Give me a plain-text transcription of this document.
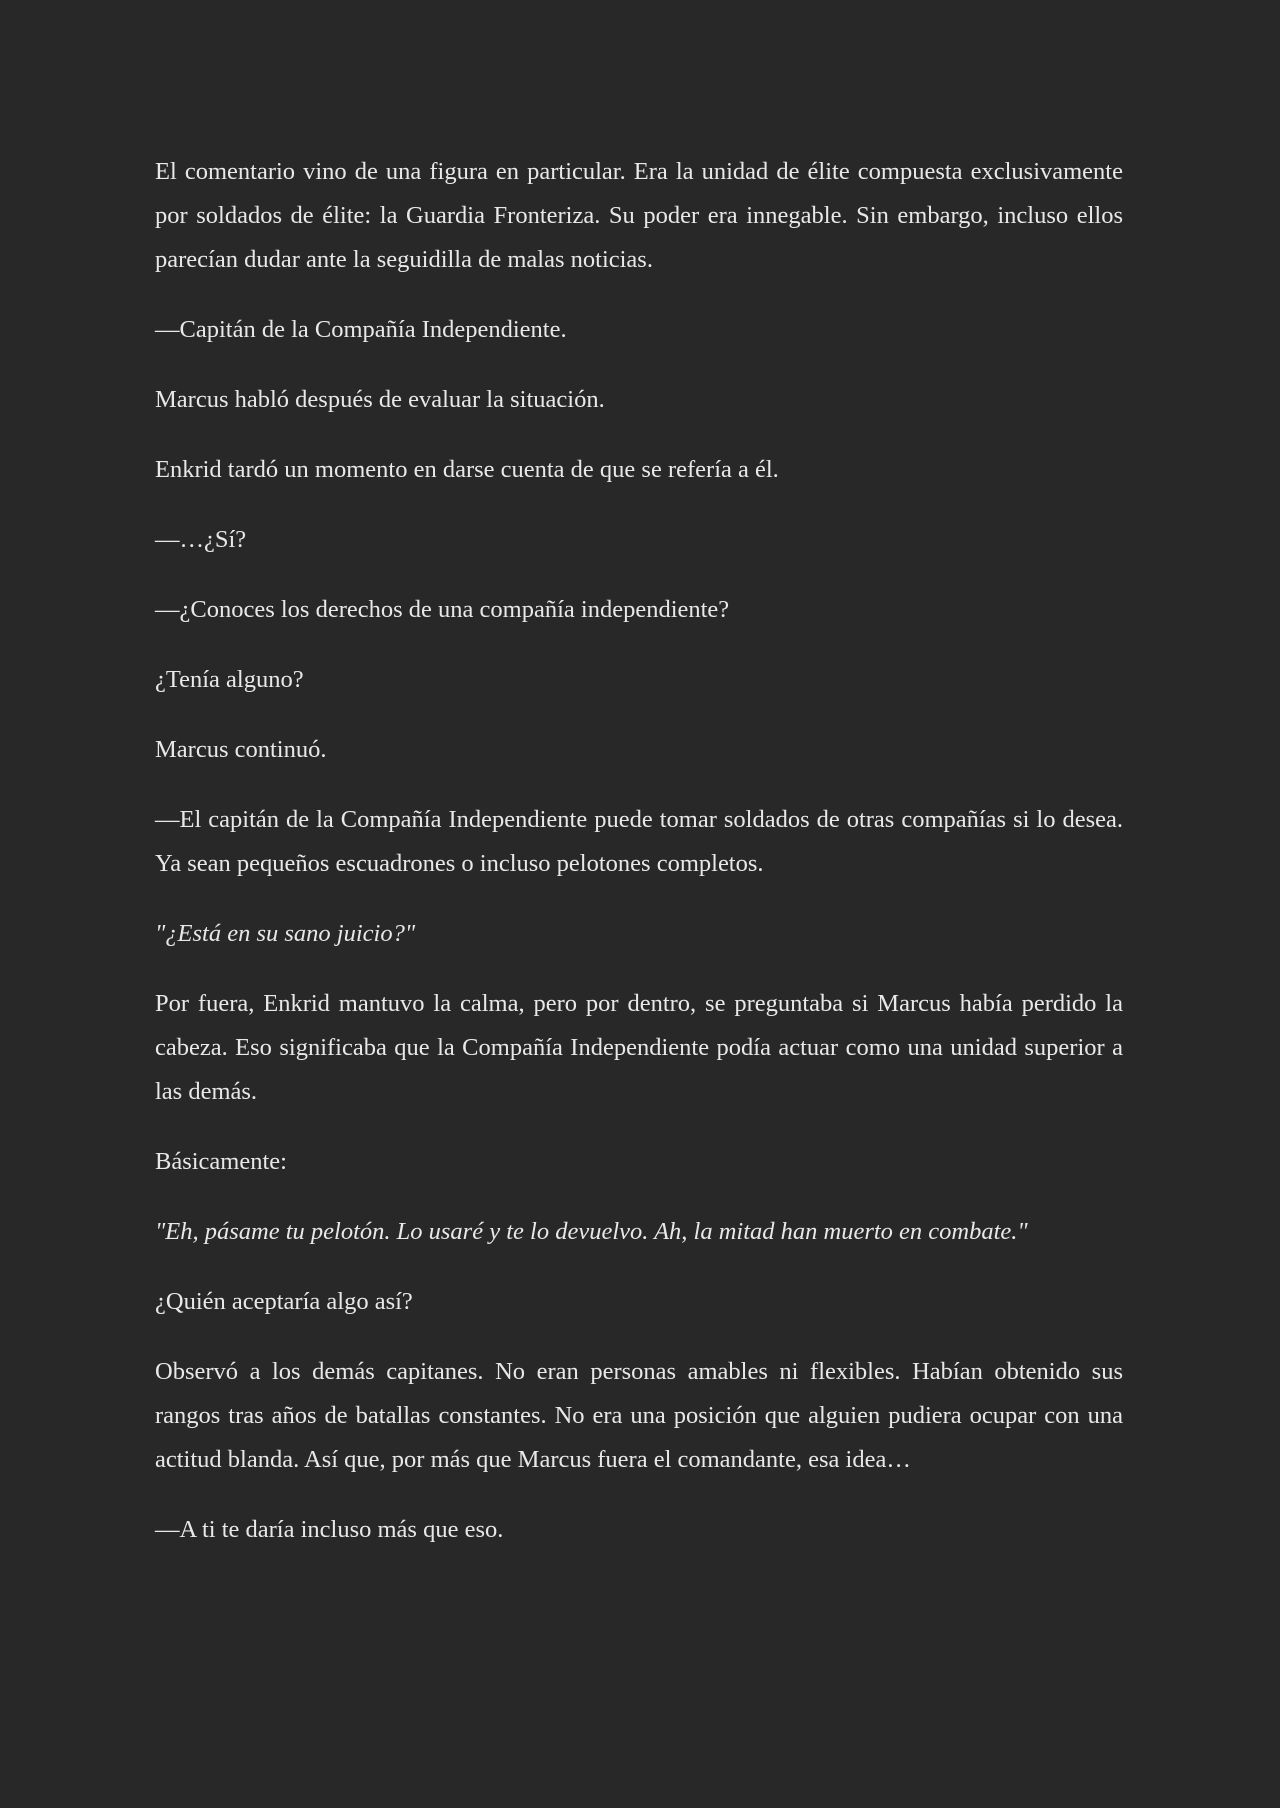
El comentario vino de una figura en particular. Era la unidad de élite compuesta exclusivamente por soldados de élite: la Guardia Fronteriza. Su poder era innegable. Sin embargo, incluso ellos parecían dudar ante la seguidilla de malas noticias.

—Capitán de la Compañía Independiente.

Marcus habló después de evaluar la situación.

Enkrid tardó un momento en darse cuenta de que se refería a él.

—…¿Sí?

—¿Conoces los derechos de una compañía independiente?

¿Tenía alguno?

Marcus continuó.

—El capitán de la Compañía Independiente puede tomar soldados de otras compañías si lo desea. Ya sean pequeños escuadrones o incluso pelotones completos.

"¿Está en su sano juicio?"

Por fuera, Enkrid mantuvo la calma, pero por dentro, se preguntaba si Marcus había perdido la cabeza. Eso significaba que la Compañía Independiente podía actuar como una unidad superior a las demás.

Básicamente:

"Eh, pásame tu pelotón. Lo usaré y te lo devuelvo. Ah, la mitad han muerto en combate."

¿Quién aceptaría algo así?

Observó a los demás capitanes. No eran personas amables ni flexibles. Habían obtenido sus rangos tras años de batallas constantes. No era una posición que alguien pudiera ocupar con una actitud blanda. Así que, por más que Marcus fuera el comandante, esa idea…

—A ti te daría incluso más que eso.
